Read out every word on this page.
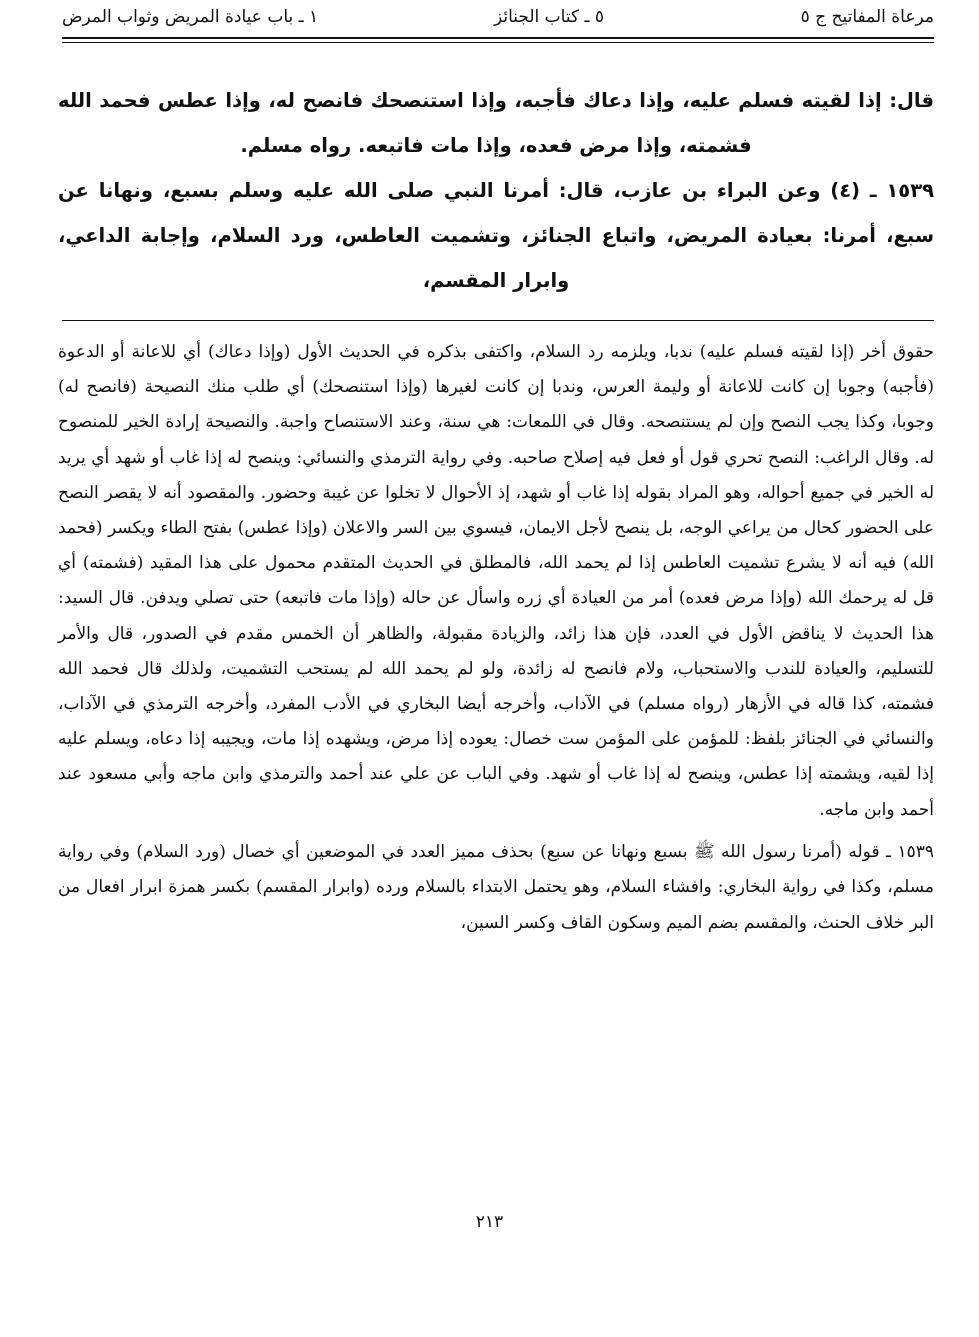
مرعاة المفاتيح ج ٥
٥ ـ كتاب الجنائز
١ ـ باب عيادة المريض وثواب المرض

قال: إذا لقيته فسلم عليه، وإذا دعاك فأجبه، وإذا استنصحك فانصح له، وإذا عطس فحمد الله فشمته، وإذا مرض فعده، وإذا مات فاتبعه. رواه مسلم.

١٥٣٩ ـ (٤) وعن البراء بن عازب، قال: أمرنا النبي صلى الله عليه وسلم بسبع، ونهانا عن سبع، أمرنا: بعيادة المريض، واتباع الجنائز، وتشميت العاطس، ورد السلام، وإجابة الداعي، وابرار المقسم،

حقوق أخر (إذا لقيته فسلم عليه) ندبا، ويلزمه رد السلام، واكتفى بذكره في الحديث الأول (وإذا دعاك) أي للاعانة أو الدعوة (فأجبه) وجوبا إن كانت للاعانة أو وليمة العرس، وندبا إن كانت لغيرها (وإذا استنصحك) أي طلب منك النصيحة (فانصح له) وجوبا، وكذا يجب النصح وإن لم يستنصحه. وقال في اللمعات: هي سنة، وعند الاستنصاح واجبة. والنصيحة إرادة الخير للمنصوح له. وقال الراغب: النصح تحري قول أو فعل فيه إصلاح صاحبه. وفي رواية الترمذي والنسائي: وينصح له إذا غاب أو شهد أي يريد له الخير في جميع أحواله، وهو المراد بقوله إذا غاب أو شهد، إذ الأحوال لا تخلوا عن غيبة وحضور. والمقصود أنه لا يقصر النصح على الحضور كحال من يراعي الوجه، بل ينصح لأجل الايمان، فيسوي بين السر والاعلان (وإذا عطس) بفتح الطاء ويكسر (فحمد الله) فيه أنه لا يشرع تشميت العاطس إذا لم يحمد الله، فالمطلق في الحديث المتقدم محمول على هذا المقيد (فشمته) أي قل له يرحمك الله (وإذا مرض فعده) أمر من العيادة أي زره واسأل عن حاله (وإذا مات فاتبعه) حتى تصلي ويدفن. قال السيد: هذا الحديث لا يناقض الأول في العدد، فإن هذا زائد، والزيادة مقبولة، والظاهر أن الخمس مقدم في الصدور، قال والأمر للتسليم، والعيادة للندب والاستحباب، ولام فانصح له زائدة، ولو لم يحمد الله لم يستحب التشميت، ولذلك قال فحمد الله فشمته، كذا قاله في الأزهار (رواه مسلم) في الآداب، وأخرجه أيضا البخاري في الأدب المفرد، وأخرجه الترمذي في الآداب، والنسائي في الجنائز بلفظ: للمؤمن على المؤمن ست خصال: يعوده إذا مرض، ويشهده إذا مات، ويجيبه إذا دعاه، ويسلم عليه إذا لقيه، ويشمته إذا عطس، وينصح له إذا غاب أو شهد. وفي الباب عن علي عند أحمد والترمذي وابن ماجه وأبي مسعود عند أحمد وابن ماجه.

١٥٣٩ ـ قوله (أمرنا رسول الله ﷺ بسبع ونهانا عن سبع) بحذف مميز العدد في الموضعين أي خصال (ورد السلام) وفي رواية مسلم، وكذا في رواية البخاري: وافشاء السلام، وهو يحتمل الابتداء بالسلام ورده (وابرار المقسم) بكسر همزة ابرار افعال من البر خلاف الحنث، والمقسم بضم الميم وسكون القاف وكسر السين،

٢١٣
